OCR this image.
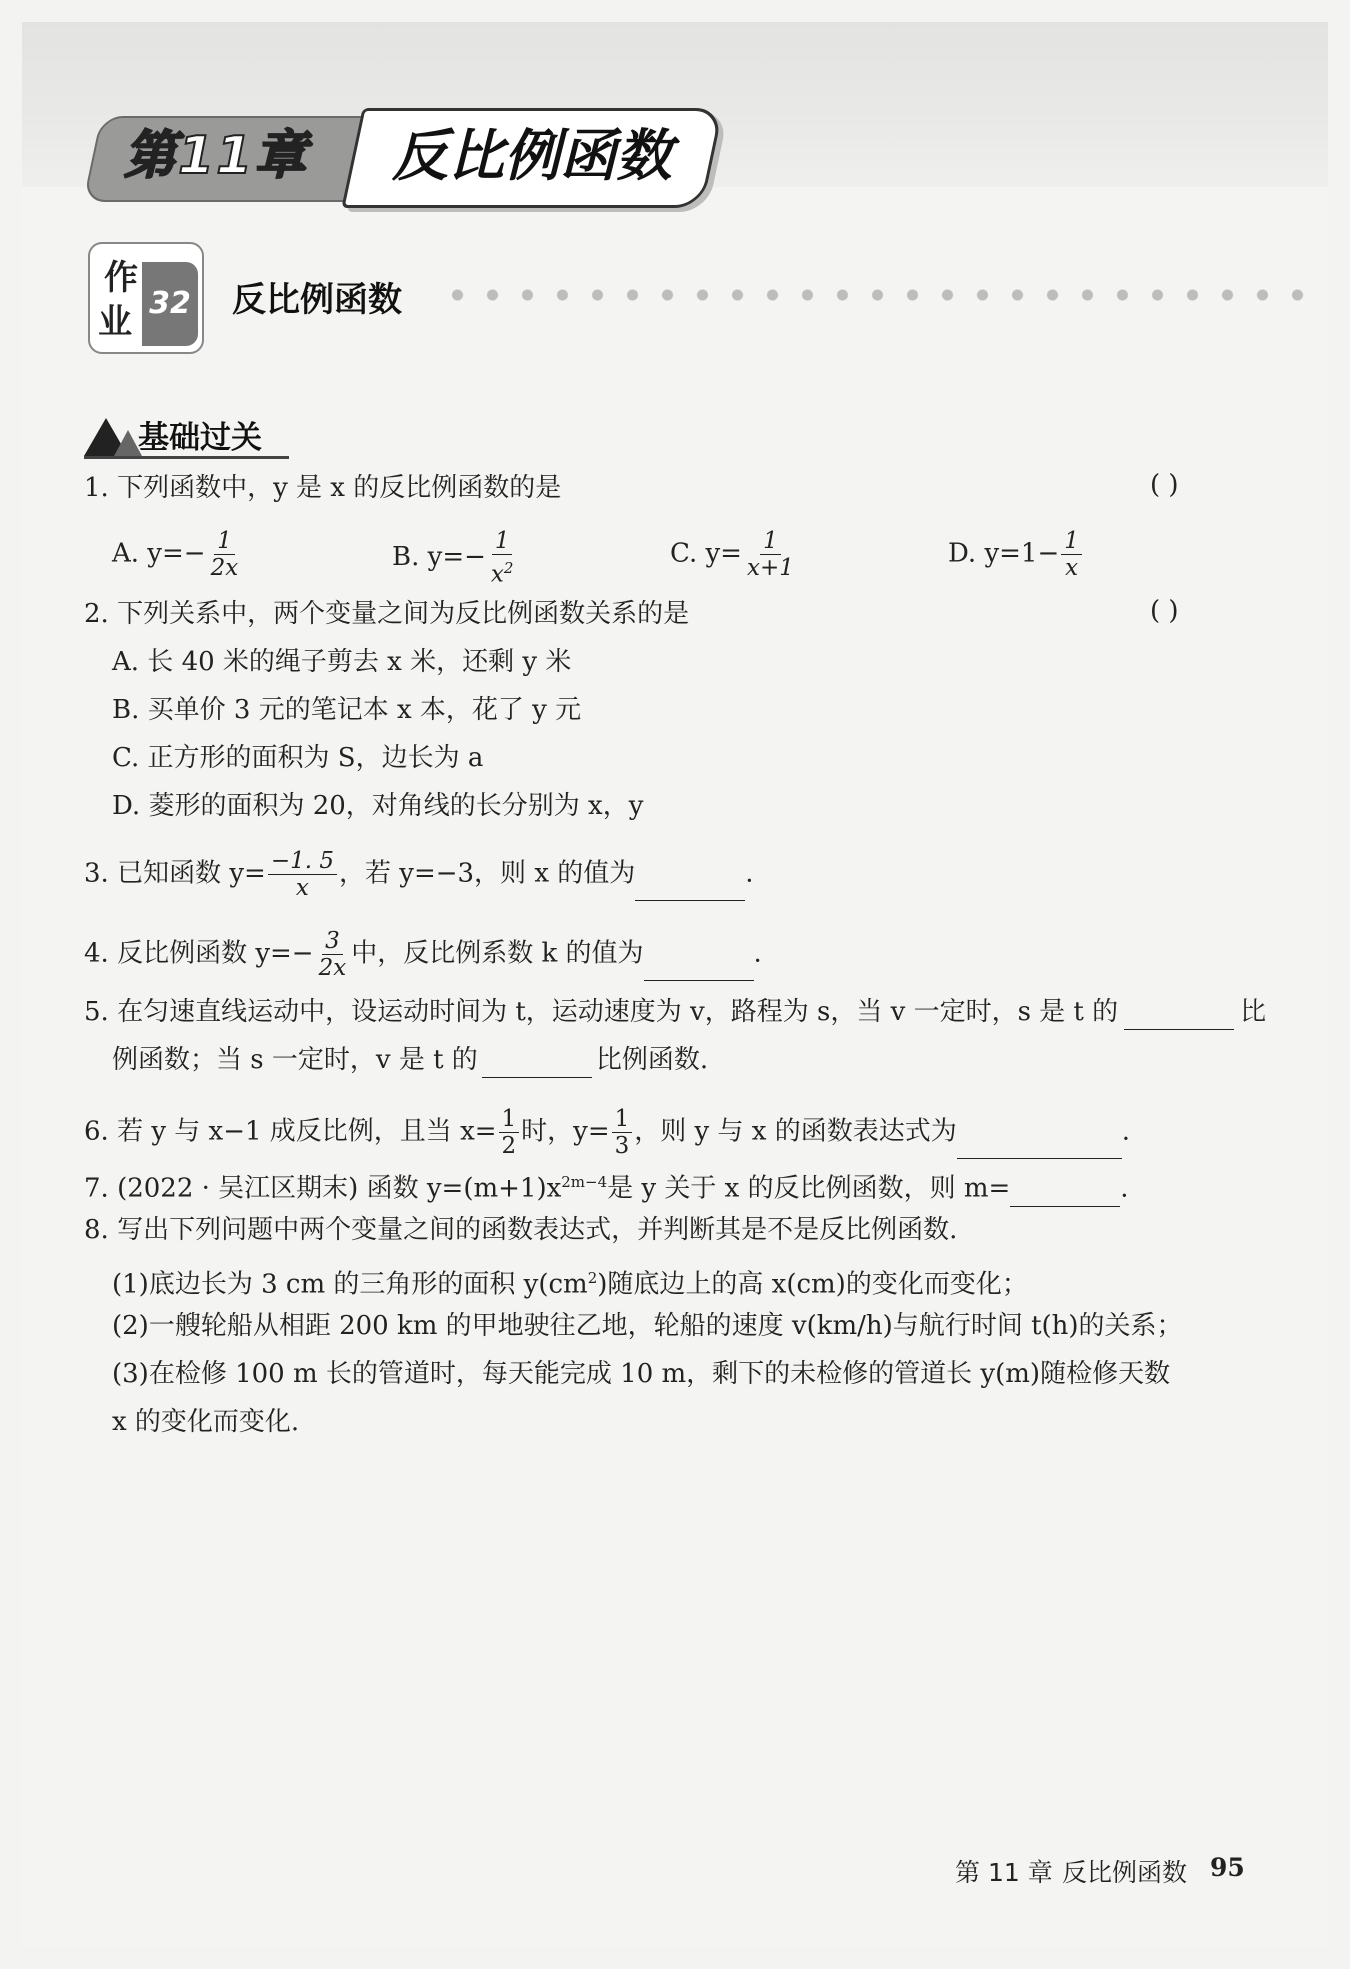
第11章	反比例函数
作
业 32 反比例函数
基础过关
1. 下列函数中，y 是 x 的反比例函数的是	( )
A. $y=- \frac{1}{2x}$	B. $y=- \frac{1}{x^2}$	C. $y= \frac{1}{x+1}$	D. $y=1- \frac{1}{x}$
2. 下列关系中，两个变量之间为反比例函数关系的是	( )
A. 长 40 米的绳子剪去 x 米，还剩 y 米
B. 买单价 3 元的笔记本 x 本，花了 y 元
C. 正方形的面积为 S，边长为 a
D. 菱形的面积为 20，对角线的长分别为 x，y
3. 已知函数 $y= \frac{-1. 5}{x}$ ，若 y=−3，则 x 的值为	.
4. 反比例函数 $y=- \frac{3}{2x}$ 中，反比例系数 k 的值为	.
5. 在匀速直线运动中，设运动时间为 t，运动速度为 v，路程为 s，当 v 一定时，s 是 t 的	比
例函数；当 s 一定时，v 是 t 的	比例函数.
6. 若 y 与 x−1 成反比例，且当 $x= \frac{1}{2}$ 时，$y= \frac{1}{3}$ ，则 y 与 x 的函数表达式为	.
7. (2022 · 吴江区期末) 函数 $y=(m+1)x^{2m-4}$是 y 关于 x 的反比例函数，则 m=	.
8. 写出下列问题中两个变量之间的函数表达式，并判断其是不是反比例函数.
(1)底边长为 3 cm 的三角形的面积 $y(cm^2)$随底边上的高 x(cm)的变化而变化；
(2)一艘轮船从相距 200 km 的甲地驶往乙地，轮船的速度 v(km/h)与航行时间 t(h)的关系；
(3)在检修 100 m 长的管道时，每天能完成 10 m，剩下的未检修的管道长 y(m)随检修天数
x 的变化而变化.
第 11 章 反比例函数 95
